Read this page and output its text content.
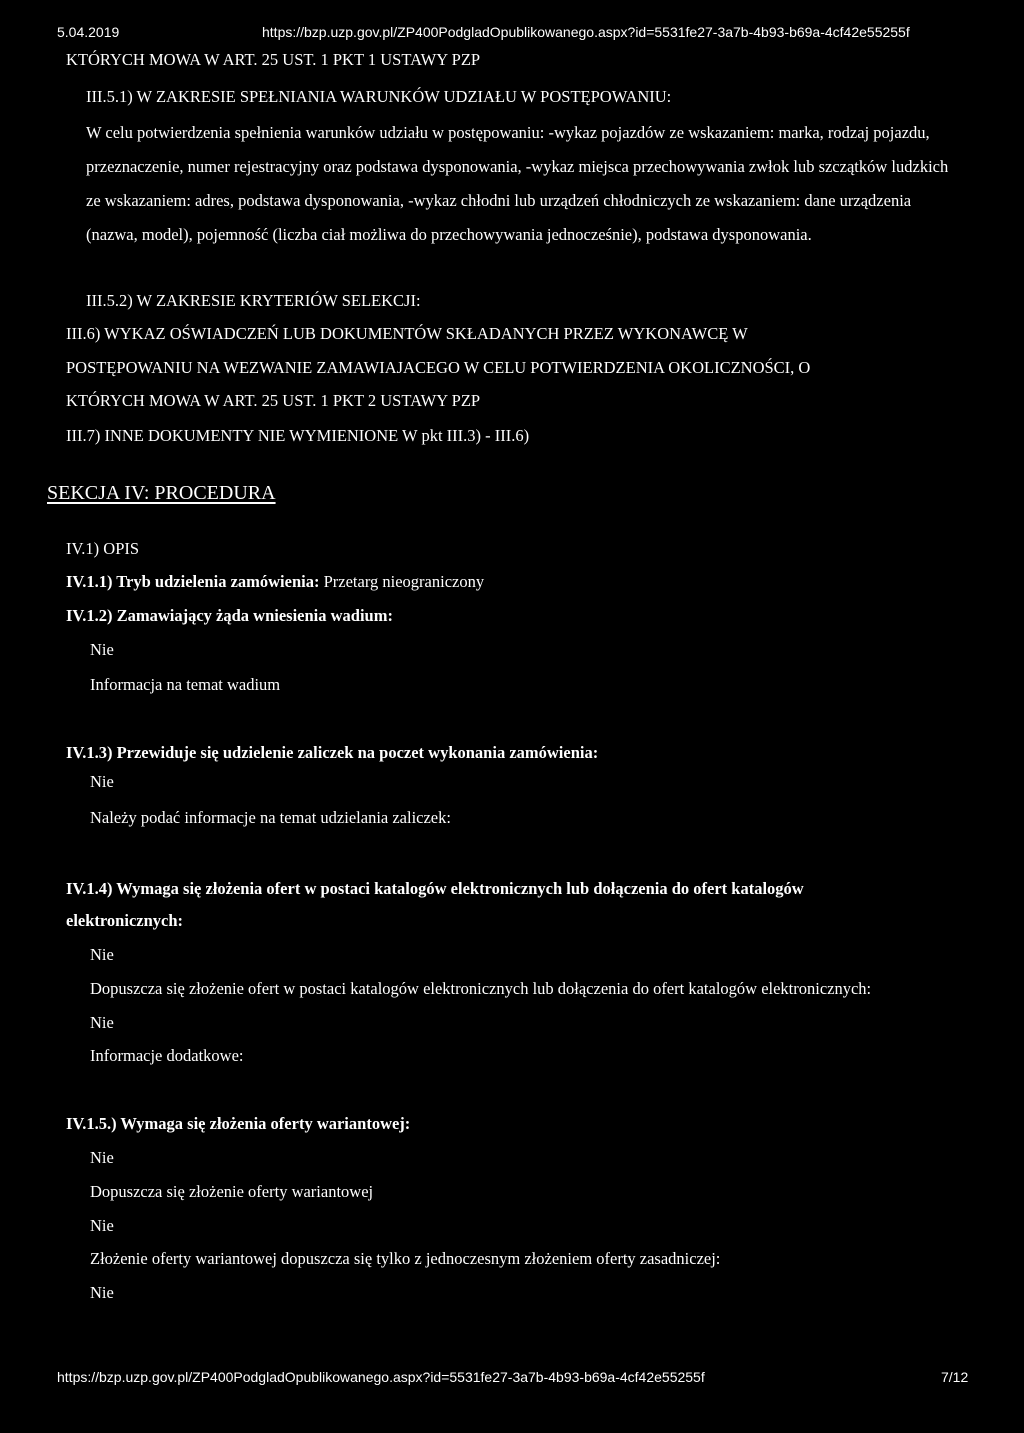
5.04.2019	https://bzp.uzp.gov.pl/ZP400PodgladOpublikowanego.aspx?id=5531fe27-3a7b-4b93-b69a-4cf42e55255f
KTÓRYCH MOWA W ART. 25 UST. 1 PKT 1 USTAWY PZP
III.5.1) W ZAKRESIE SPEŁNIANIA WARUNKÓW UDZIAŁU W POSTĘPOWANIU:
W celu potwierdzenia spełnienia warunków udziału w postępowaniu: -wykaz pojazdów ze wskazaniem: marka, rodzaj pojazdu, przeznaczenie, numer rejestracyjny oraz podstawa dysponowania, -wykaz miejsca przechowywania zwłok lub szczątków ludzkich ze wskazaniem: adres, podstawa dysponowania, -wykaz chłodni lub urządzeń chłodniczych ze wskazaniem: dane urządzenia (nazwa, model), pojemność (liczba ciał możliwa do przechowywania jednocześnie), podstawa dysponowania.
III.5.2) W ZAKRESIE KRYTERIÓW SELEKCJI:
III.6) WYKAZ OŚWIADCZEŃ LUB DOKUMENTÓW SKŁADANYCH PRZEZ WYKONAWCĘ W
POSTĘPOWANIU NA WEZWANIE ZAMAWIAJACEGO W CELU POTWIERDZENIA OKOLICZNOŚCI, O
KTÓRYCH MOWA W ART. 25 UST. 1 PKT 2 USTAWY PZP
III.7) INNE DOKUMENTY NIE WYMIENIONE W pkt III.3) - III.6)
SEKCJA IV: PROCEDURA
IV.1) OPIS
IV.1.1) Tryb udzielenia zamówienia: Przetarg nieograniczony
IV.1.2) Zamawiający żąda wniesienia wadium:
Nie
Informacja na temat wadium
IV.1.3) Przewiduje się udzielenie zaliczek na poczet wykonania zamówienia:
Nie
Należy podać informacje na temat udzielania zaliczek:
IV.1.4) Wymaga się złożenia ofert w postaci katalogów elektronicznych lub dołączenia do ofert katalogów
elektronicznych:
Nie
Dopuszcza się złożenie ofert w postaci katalogów elektronicznych lub dołączenia do ofert katalogów elektronicznych:
Nie
Informacje dodatkowe:
IV.1.5.) Wymaga się złożenia oferty wariantowej:
Nie
Dopuszcza się złożenie oferty wariantowej
Nie
Złożenie oferty wariantowej dopuszcza się tylko z jednoczesnym złożeniem oferty zasadniczej:
Nie
https://bzp.uzp.gov.pl/ZP400PodgladOpublikowanego.aspx?id=5531fe27-3a7b-4b93-b69a-4cf42e55255f	7/12
